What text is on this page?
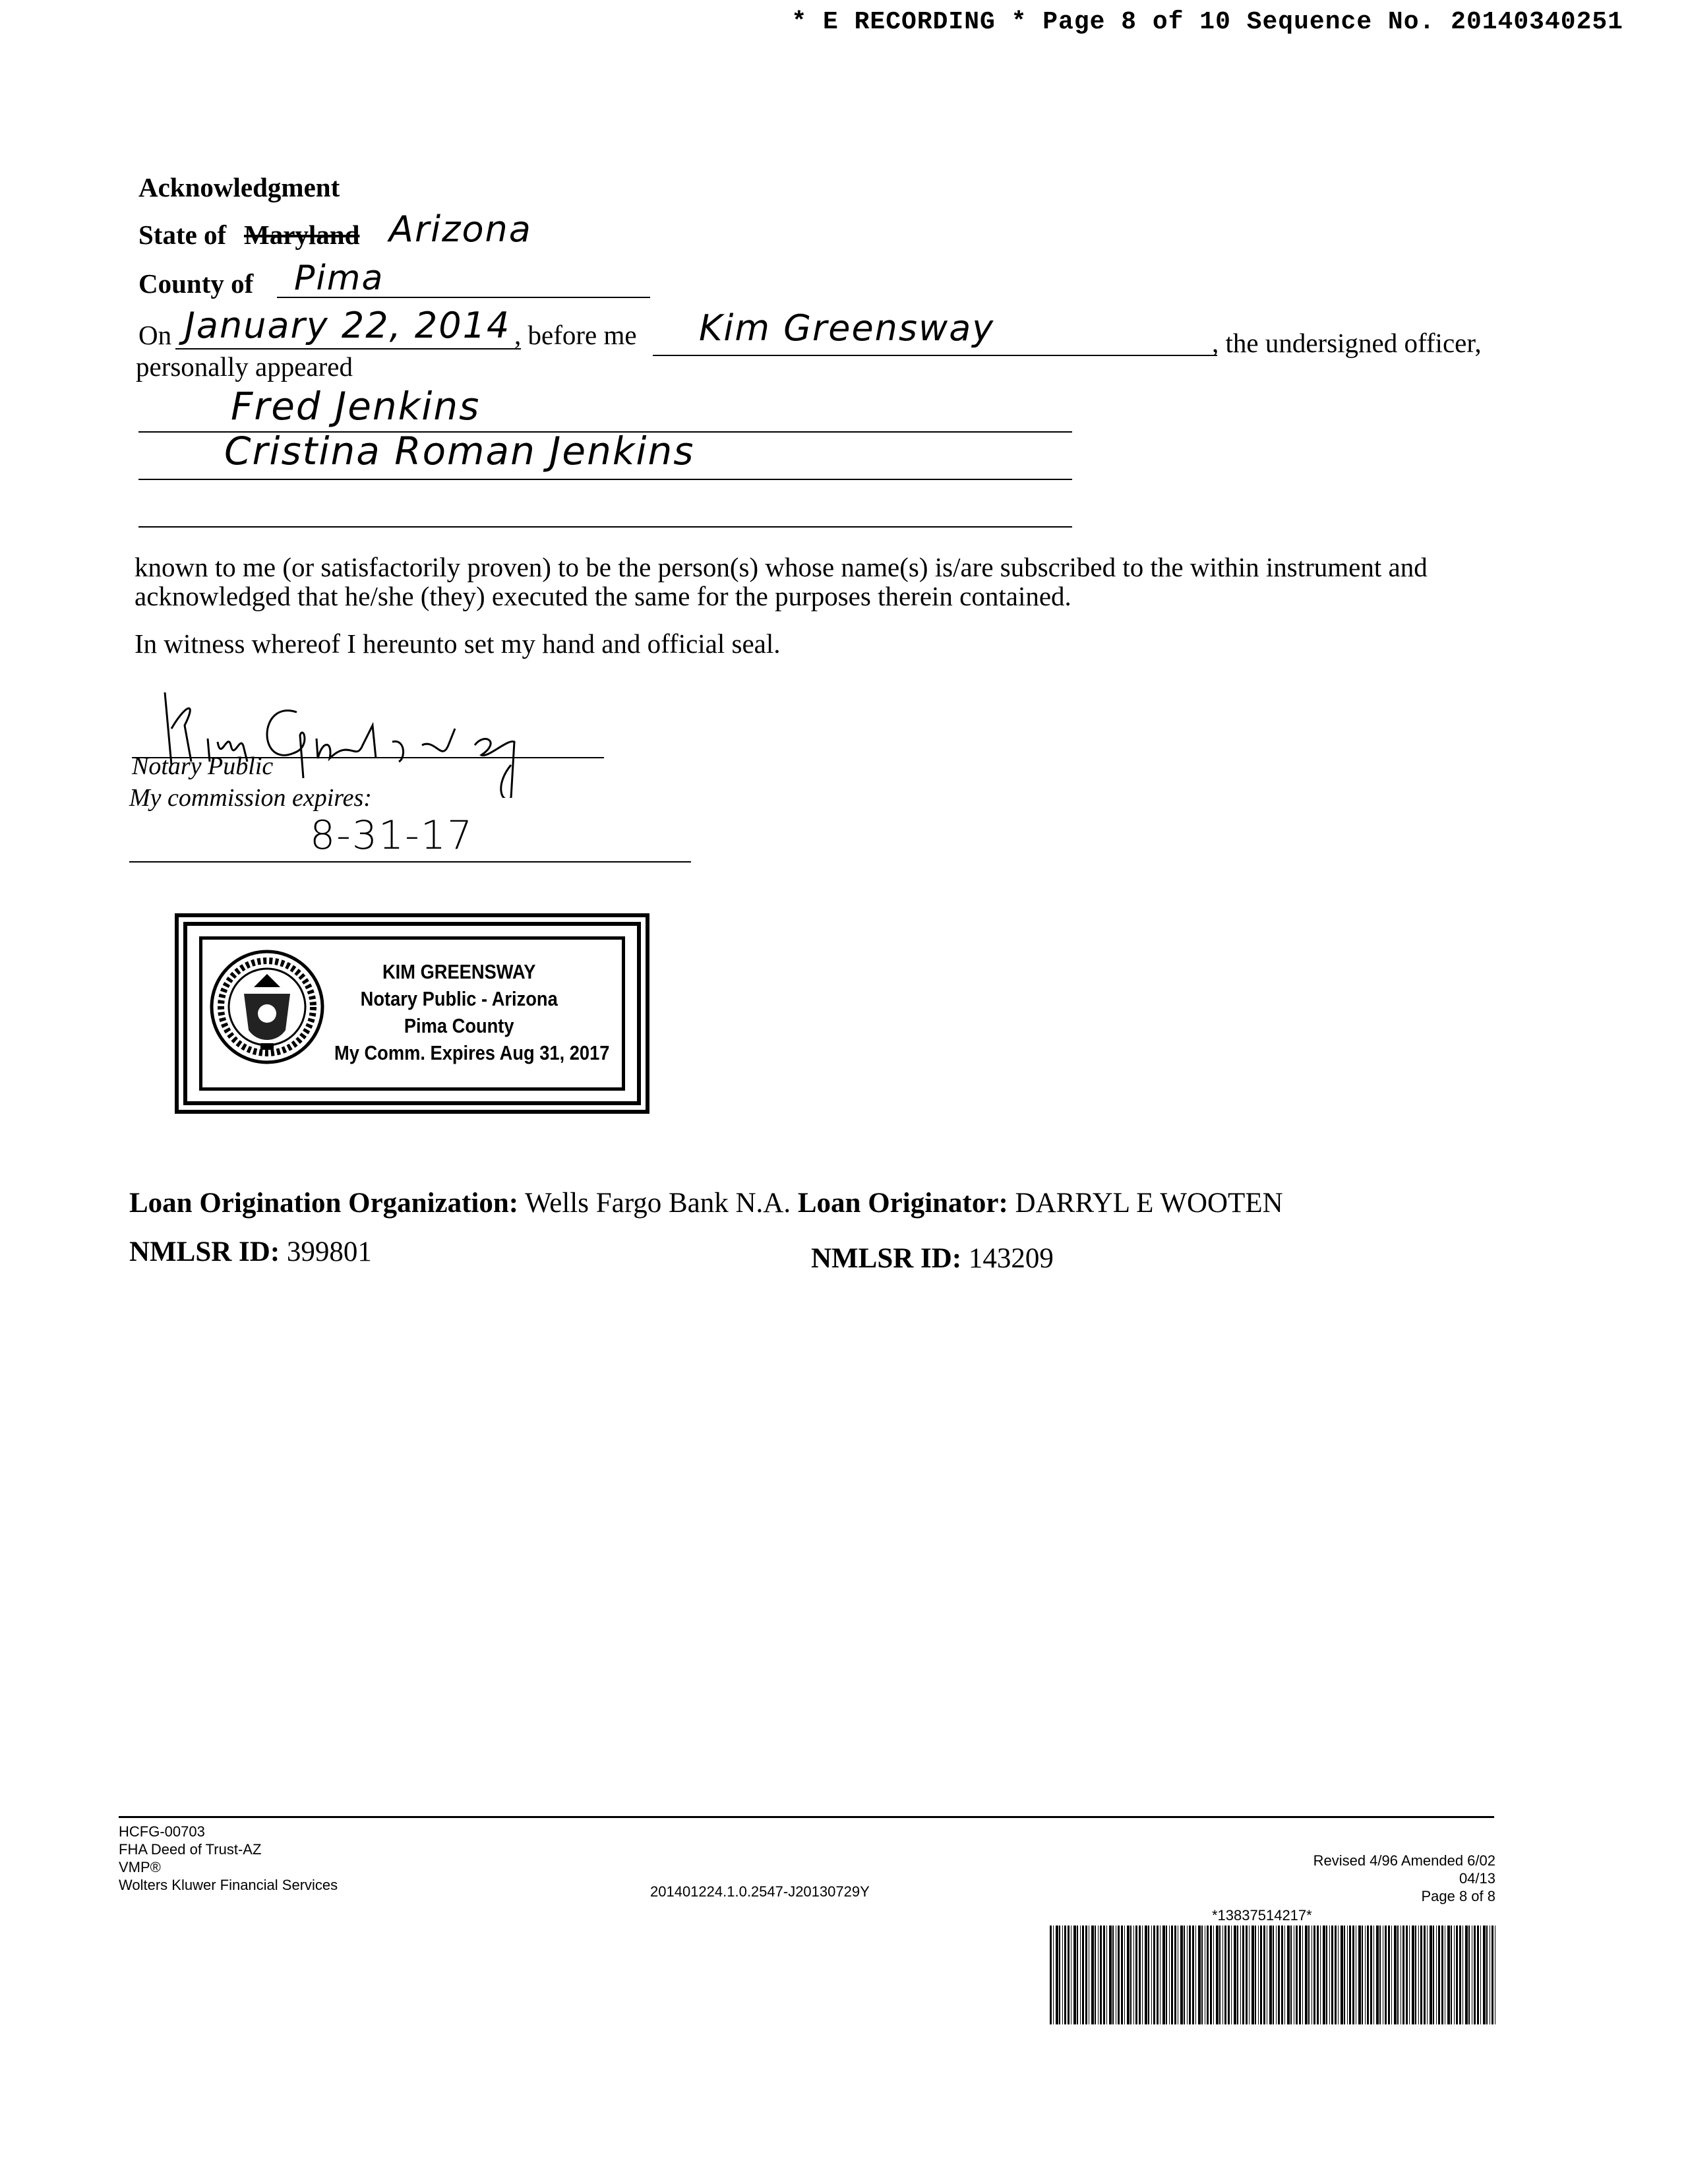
* E RECORDING * Page 8 of 10 Sequence No. 20140340251
Acknowledgment
State of Maryland Arizona
County of Pima
On January 22, 2014 , before me Kim Greensway	, the undersigned officer,
personally appeared
Fred Jenkins
Cristina Roman Jenkins
known to me (or satisfactorily proven) to be the person(s) whose name(s) is/are subscribed to the within instrument and
acknowledged that he/she (they) executed the same for the purposes therein contained.
In witness whereof I hereunto set my hand and official seal.
Notary Public
My commission expires:
8-31-17
KIM GREENSWAY
Notary Public - Arizona
Pima County
My Comm. Expires Aug 31, 2017
Loan Origination Organization: Wells Fargo Bank N.A. Loan Originator: DARRYL E WOOTEN
NMLSR ID: 399801	NMLSR ID: 143209
HCFG-00703
FHA Deed of Trust-AZ
VMP®
Wolters Kluwer Financial Services	201401224.1.0.2547-J20130729Y
Revised 4/96 Amended 6/02
04/13
Page 8 of 8
*13837514217*
